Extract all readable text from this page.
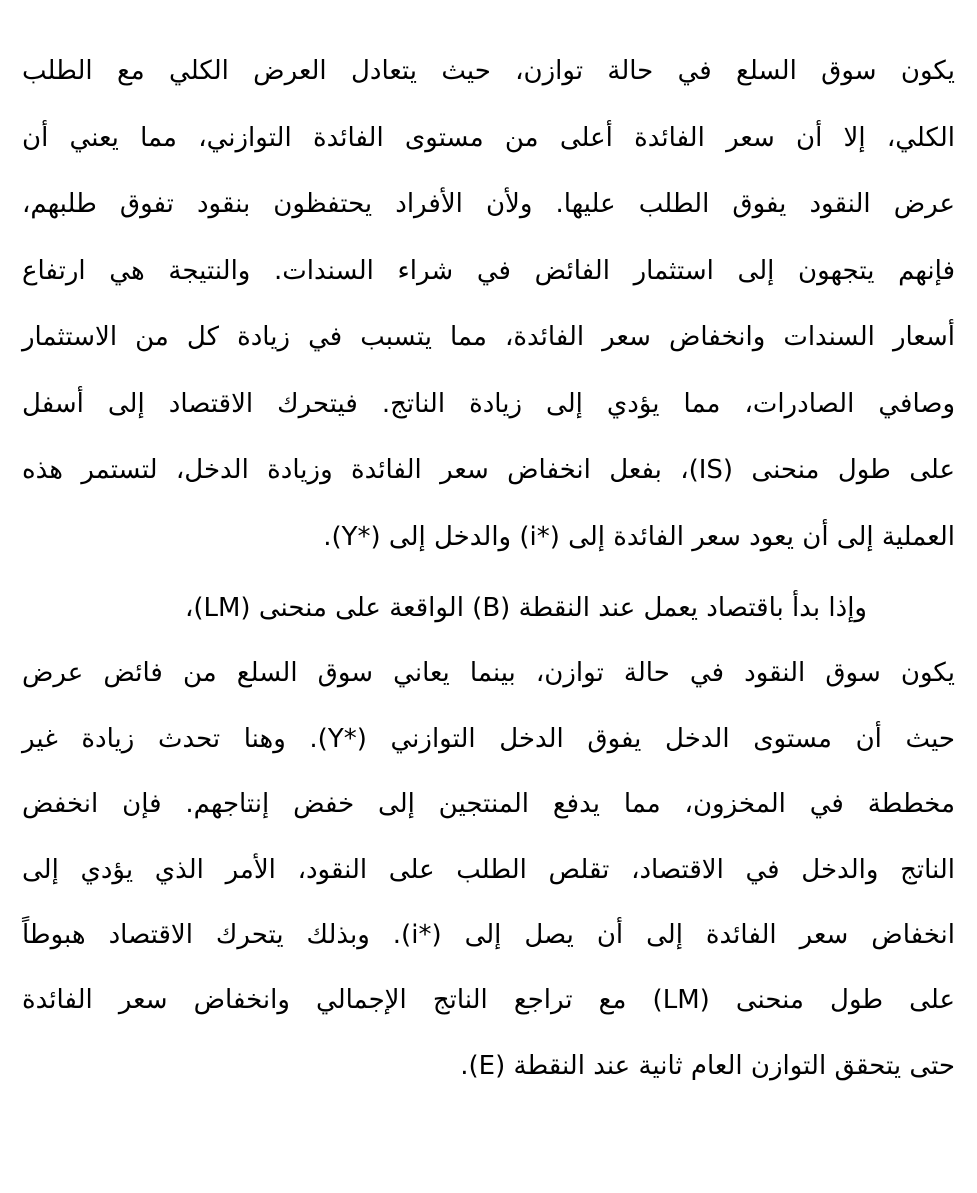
يكون سوق السلع في حالة توازن، حيث يتعادل العرض الكلي مع الطلب
الكلي، إلا أن سعر الفائدة أعلى من مستوى الفائدة التوازني، مما يعني أن
عرض النقود يفوق الطلب عليها. ولأن الأفراد يحتفظون بنقود تفوق طلبهم،
فإنهم يتجهون إلى استثمار الفائض في شراء السندات. والنتيجة هي ارتفاع
أسعار السندات وانخفاض سعر الفائدة، مما يتسبب في زيادة كل من الاستثمار
وصافي الصادرات، مما يؤدي إلى زيادة الناتج. فيتحرك الاقتصاد إلى أسفل
على طول منحنى (IS)، بفعل انخفاض سعر الفائدة وزيادة الدخل، لتستمر هذه
العملية إلى أن يعود سعر الفائدة إلى (*i) والدخل إلى (*Y).
وإذا بدأ باقتصاد يعمل عند النقطة (B) الواقعة على منحنى (LM)،
يكون سوق النقود في حالة توازن، بينما يعاني سوق السلع من فائض عرض
حيث أن مستوى الدخل يفوق الدخل التوازني (*Y). وهنا تحدث زيادة غير
مخططة في المخزون، مما يدفع المنتجين إلى خفض إنتاجهم. فإن انخفض
الناتج والدخل في الاقتصاد، تقلص الطلب على النقود، الأمر الذي يؤدي إلى
انخفاض سعر الفائدة إلى أن يصل إلى (*i). وبذلك يتحرك الاقتصاد هبوطاً
على طول منحنى (LM) مع تراجع الناتج الإجمالي وانخفاض سعر الفائدة
حتى يتحقق التوازن العام ثانية عند النقطة (E).
